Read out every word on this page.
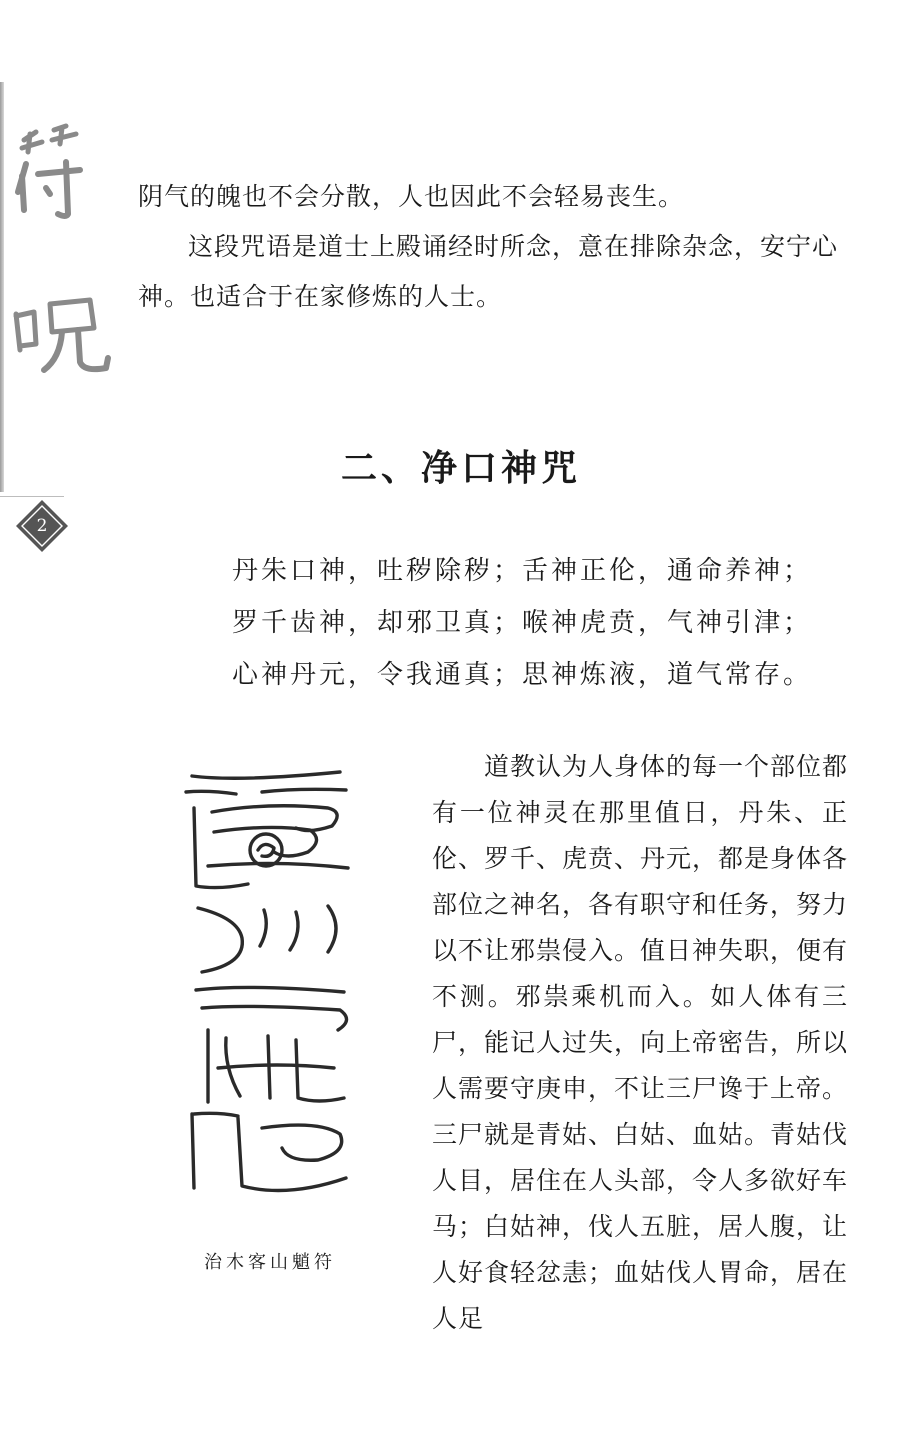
2

阴气的魄也不会分散，人也因此不会轻易丧生。

这段咒语是道士上殿诵经时所念，意在排除杂念，安宁心神。也适合于在家修炼的人士。

二、净口神咒
丹朱口神，吐秽除秽；舌神正伦，通命养神；
罗千齿神，却邪卫真；喉神虎贲，气神引津；
心神丹元，令我通真；思神炼液，道气常存。

治木客山魈符

道教认为人身体的每一个部位都有一位神灵在那里值日，丹朱、正伦、罗千、虎贲、丹元，都是身体各部位之神名，各有职守和任务，努力以不让邪祟侵入。值日神失职，便有不测。邪祟乘机而入。如人体有三尸，能记人过失，向上帝密告，所以人需要守庚申，不让三尸谗于上帝。三尸就是青姑、白姑、血姑。青姑伐人目，居住在人头部，令人多欲好车马；白姑神，伐人五脏，居人腹，让人好食轻忿恚；血姑伐人胃命，居在人足
